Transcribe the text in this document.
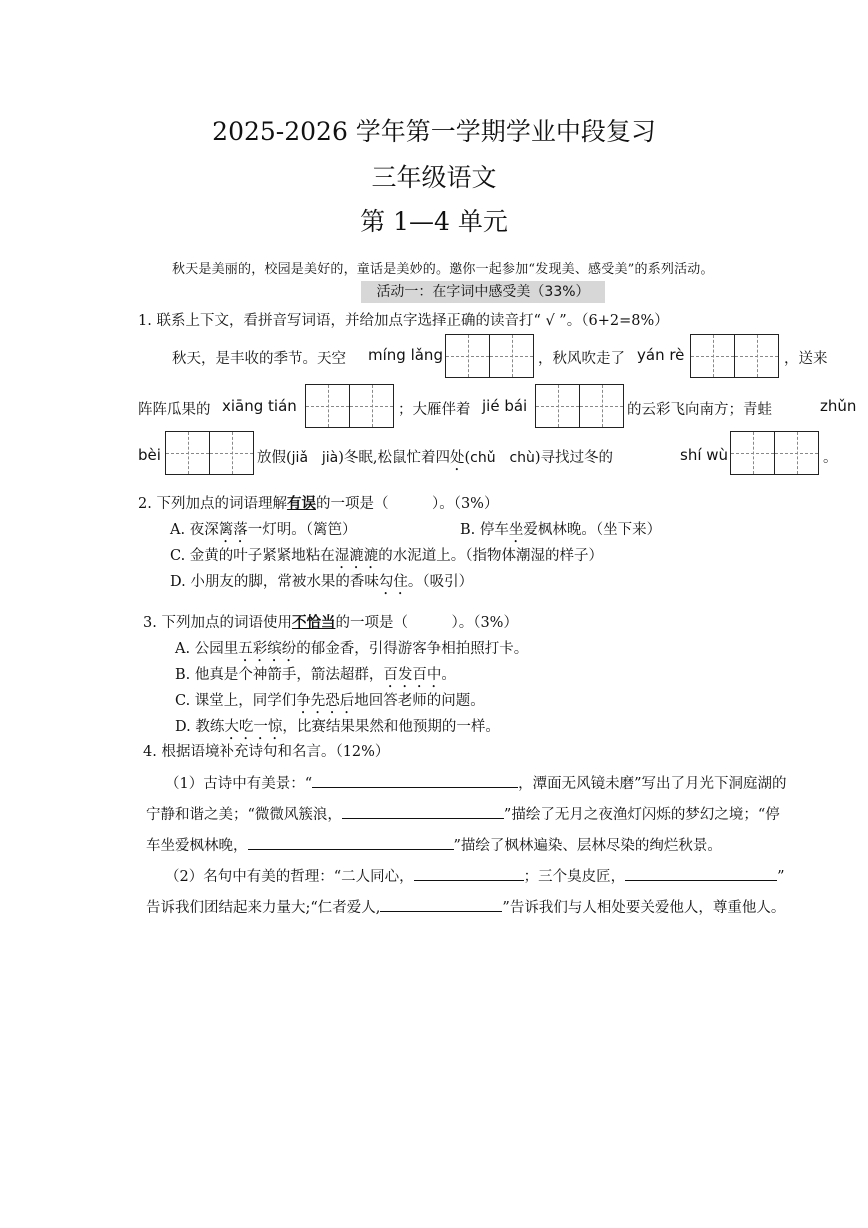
2025-2026 学年第一学期学业中段复习
三年级语文
第 1—4 单元
秋天是美丽的，校园是美好的，童话是美妙的。邀你一起参加“发现美、感受美”的系列活动。
活动一：在字词中感受美（33%）
1. 联系上下文，看拼音写词语，并给加点字选择正确的读音打“ √ ”。（6+2=8%）
秋天，是丰收的季节。天空 míng lǎng	，秋风吹走了 yán rè	，送来
阵阵瓜果的 xiāng tián	；大雁伴着 jié bái	的云彩飞向南方；青蛙	zhǔn
bèi	放假(jiǎ jià)冬眠,松鼠忙着四处(chǔ chù)寻找过冬的	shí wù	。
2. 下列加点的词语理解有误的一项是（　　　）。（3%）
A. 夜深篱落一灯明。（篱笆）	B. 停车坐爱枫林晚。（坐下来）
C. 金黄的叶子紧紧地粘在湿漉漉的水泥道上。（指物体潮湿的样子）
D. 小朋友的脚，常被水果的香味勾住。（吸引）
3. 下列加点的词语使用不恰当的一项是（　　　）。（3%）
A. 公园里五彩缤纷的郁金香，引得游客争相拍照打卡。
B. 他真是个神箭手，箭法超群，百发百中。
C. 课堂上，同学们争先恐后地回答老师的问题。
D. 教练大吃一惊，比赛结果果然和他预期的一样。
4. 根据语境补充诗句和名言。（12%）
（1）古诗中有美景：“	，潭面无风镜未磨”写出了月光下洞庭湖的
宁静和谐之美；“微微风簇浪，	”描绘了无月之夜渔灯闪烁的梦幻之境；“停
车坐爱枫林晚，	”描绘了枫林遍染、层林尽染的绚烂秋景。
（2）名句中有美的哲理：“二人同心，	；三个臭皮匠，	”
告诉我们团结起来力量大;“仁者爱人,	”告诉我们与人相处要关爱他人，尊重他人。
